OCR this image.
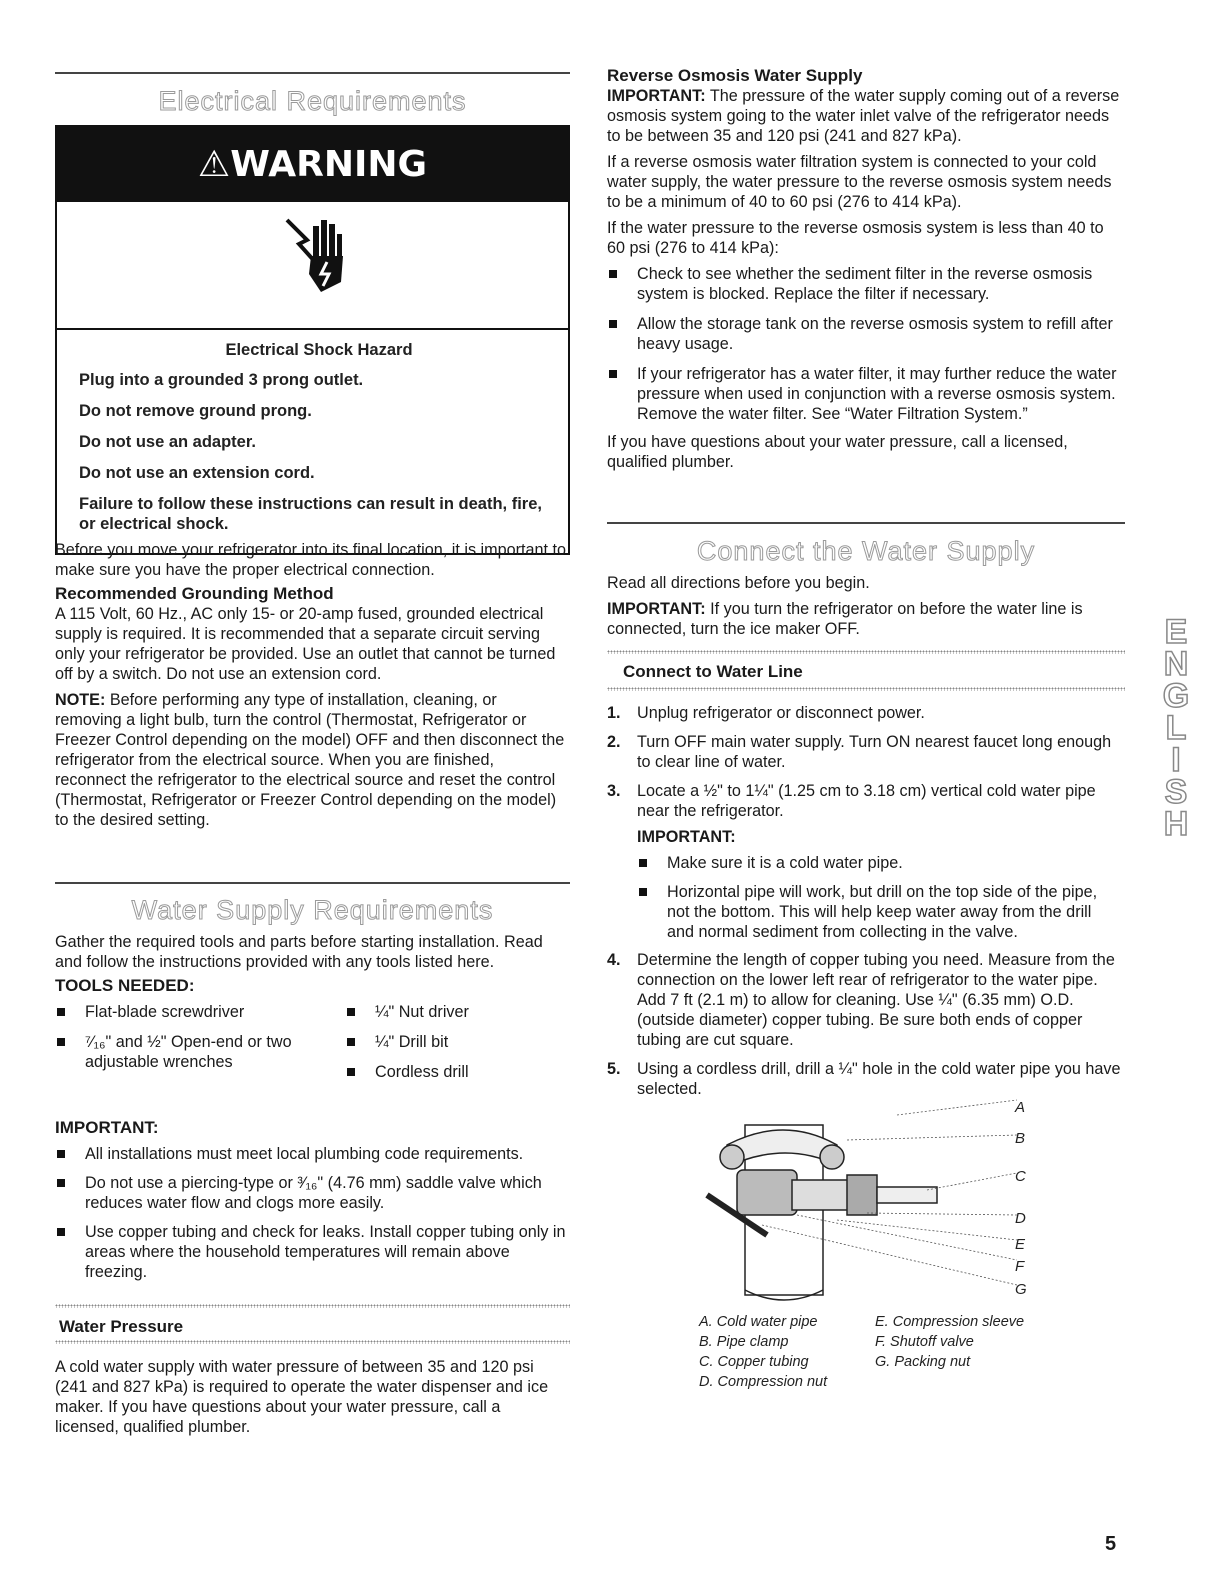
Electrical Requirements
⚠WARNING

Electrical Shock Hazard

Plug into a grounded 3 prong outlet.

Do not remove ground prong.

Do not use an adapter.

Do not use an extension cord.

Failure to follow these instructions can result in death, fire, or electrical shock.

Before you move your refrigerator into its final location, it is important to make sure you have the proper electrical connection.

Recommended Grounding Method

A 115 Volt, 60 Hz., AC only 15- or 20-amp fused, grounded electrical supply is required. It is recommended that a separate circuit serving only your refrigerator be provided. Use an outlet that cannot be turned off by a switch. Do not use an extension cord.

NOTE: Before performing any type of installation, cleaning, or removing a light bulb, turn the control (Thermostat, Refrigerator or Freezer Control depending on the model) OFF and then disconnect the refrigerator from the electrical source. When you are finished, reconnect the refrigerator to the electrical source and reset the control (Thermostat, Refrigerator or Freezer Control depending on the model) to the desired setting.

Water Supply Requirements

Gather the required tools and parts before starting installation. Read and follow the instructions provided with any tools listed here.

TOOLS NEEDED:
Flat-blade screwdriver
⁷⁄₁₆" and ½" Open-end or two adjustable wrenches
¼" Nut driver
¼" Drill bit
Cordless drill
IMPORTANT:
All installations must meet local plumbing code requirements.
Do not use a piercing-type or ³⁄₁₆" (4.76 mm) saddle valve which reduces water flow and clogs more easily.
Use copper tubing and check for leaks. Install copper tubing only in areas where the household temperatures will remain above freezing.
Water Pressure

A cold water supply with water pressure of between 35 and 120 psi (241 and 827 kPa) is required to operate the water dispenser and ice maker. If you have questions about your water pressure, call a licensed, qualified plumber.

Reverse Osmosis Water Supply

IMPORTANT: The pressure of the water supply coming out of a reverse osmosis system going to the water inlet valve of the refrigerator needs to be between 35 and 120 psi (241 and 827 kPa).

If a reverse osmosis water filtration system is connected to your cold water supply, the water pressure to the reverse osmosis system needs to be a minimum of 40 to 60 psi (276 to 414 kPa).

If the water pressure to the reverse osmosis system is less than 40 to 60 psi (276 to 414 kPa):

Check to see whether the sediment filter in the reverse osmosis system is blocked. Replace the filter if necessary.
Allow the storage tank on the reverse osmosis system to refill after heavy usage.
If your refrigerator has a water filter, it may further reduce the water pressure when used in conjunction with a reverse osmosis system. Remove the water filter. See “Water Filtration System.”

If you have questions about your water pressure, call a licensed, qualified plumber.

Connect the Water Supply

Read all directions before you begin.

IMPORTANT: If you turn the refrigerator on before the water line is connected, turn the ice maker OFF.

Connect to Water Line
1. Unplug refrigerator or disconnect power.
2. Turn OFF main water supply. Turn ON nearest faucet long enough to clear line of water.
3. Locate a ½" to 1¼" (1.25 cm to 3.18 cm) vertical cold water pipe near the refrigerator.
IMPORTANT:
Make sure it is a cold water pipe.
Horizontal pipe will work, but drill on the top side of the pipe, not the bottom. This will help keep water away from the drill and normal sediment from collecting in the valve.
4. Determine the length of copper tubing you need. Measure from the connection on the lower left rear of refrigerator to the water pipe. Add 7 ft (2.1 m) to allow for cleaning. Use ¼" (6.35 mm) O.D. (outside diameter) copper tubing. Be sure both ends of copper tubing are cut square.
5. Using a cordless drill, drill a ¼" hole in the cold water pipe you have selected.
A
B
C
D
E
F
G
A. Cold water pipe
B. Pipe clamp
C. Copper tubing
D. Compression nut
E. Compression sleeve
F. Shutoff valve
G. Packing nut
ENGLISH
5
